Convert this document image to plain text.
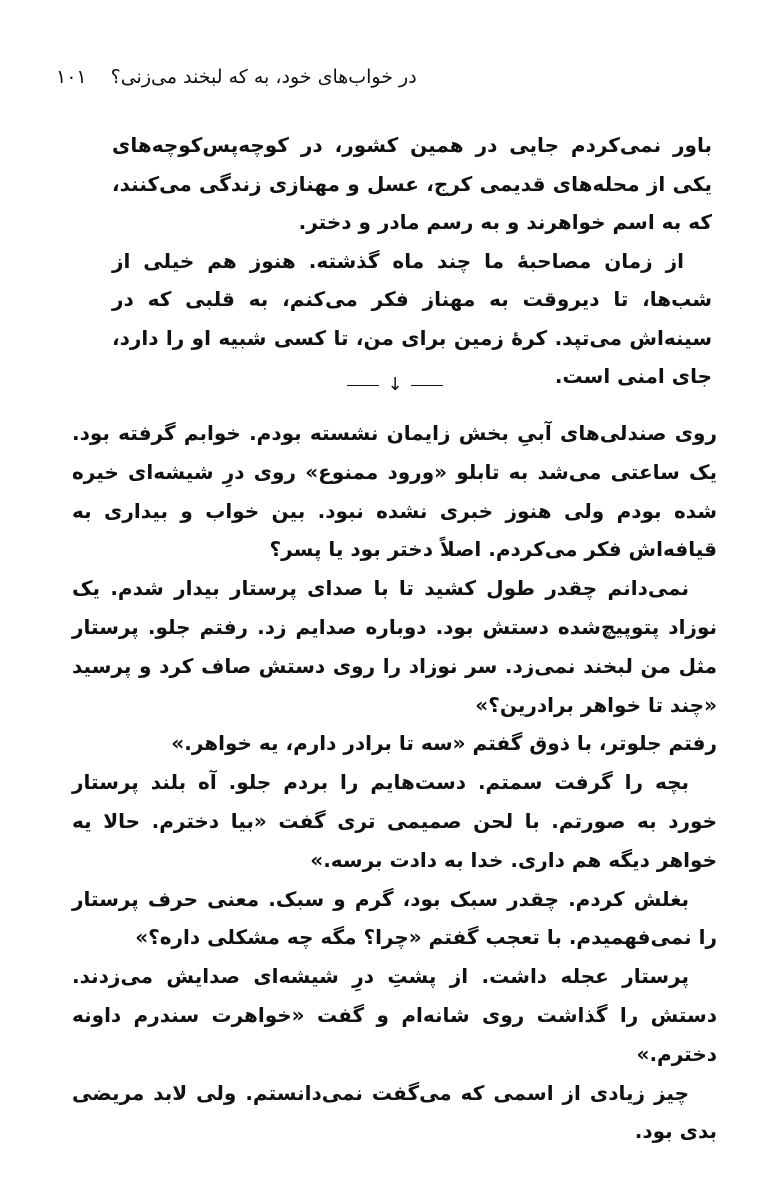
۱۰۱ در خواب‌های خود، به که لبخند می‌زنی؟

باور نمی‌کردم جایی در همین کشور، در کوچه‌پس‌کوچه‌های یکی از محله‌های قدیمی کرج، عسل و مهنازی زندگی می‌کنند، که به اسم خواهرند و به رسم مادر و دختر.

از زمان مصاحبهٔ ما چند ماه گذشته. هنوز هم خیلی از شب‌ها، تا دیروقت به مهناز فکر می‌کنم، به قلبی که در سینه‌اش می‌تپد. کرهٔ زمین برای من، تا کسی شبیه او را دارد، جای امنی است.

↓

روی صندلی‌های آبیِ بخش زایمان نشسته بودم. خوابم گرفته بود. یک ساعتی می‌شد به تابلو «ورود ممنوع» روی درِ شیشه‌ای خیره شده بودم ولی هنوز خبری نشده نبود. بین خواب و بیداری به قیافه‌اش فکر می‌کردم. اصلاً دختر بود یا پسر؟

نمی‌دانم چقدر طول کشید تا با صدای پرستار بیدار شدم. یک نوزاد پتوپیچ‌شده دستش بود. دوباره صدایم زد. رفتم جلو. پرستار مثل من لبخند نمی‌زد. سر نوزاد را روی دستش صاف کرد و پرسید «چند تا خواهر برادرین؟»

رفتم جلوتر، با ذوق گفتم «سه تا برادر دارم، یه خواهر.»

بچه را گرفت سمتم. دست‌هایم را بردم جلو. آه بلند پرستار خورد به صورتم. با لحن صمیمی تری گفت «بیا دخترم. حالا یه خواهر دیگه هم داری. خدا به دادت برسه.»

بغلش کردم. چقدر سبک بود، گرم و سبک. معنی حرف پرستار را نمی‌فهمیدم. با تعجب گفتم «چرا؟ مگه چه مشکلی داره؟»

پرستار عجله داشت. از پشتِ درِ شیشه‌ای صدایش می‌زدند. دستش را گذاشت روی شانه‌ام و گفت «خواهرت سندرم داونه دخترم.»

چیز زیادی از اسمی که می‌گفت نمی‌دانستم. ولی لابد مریضی بدی بود.
